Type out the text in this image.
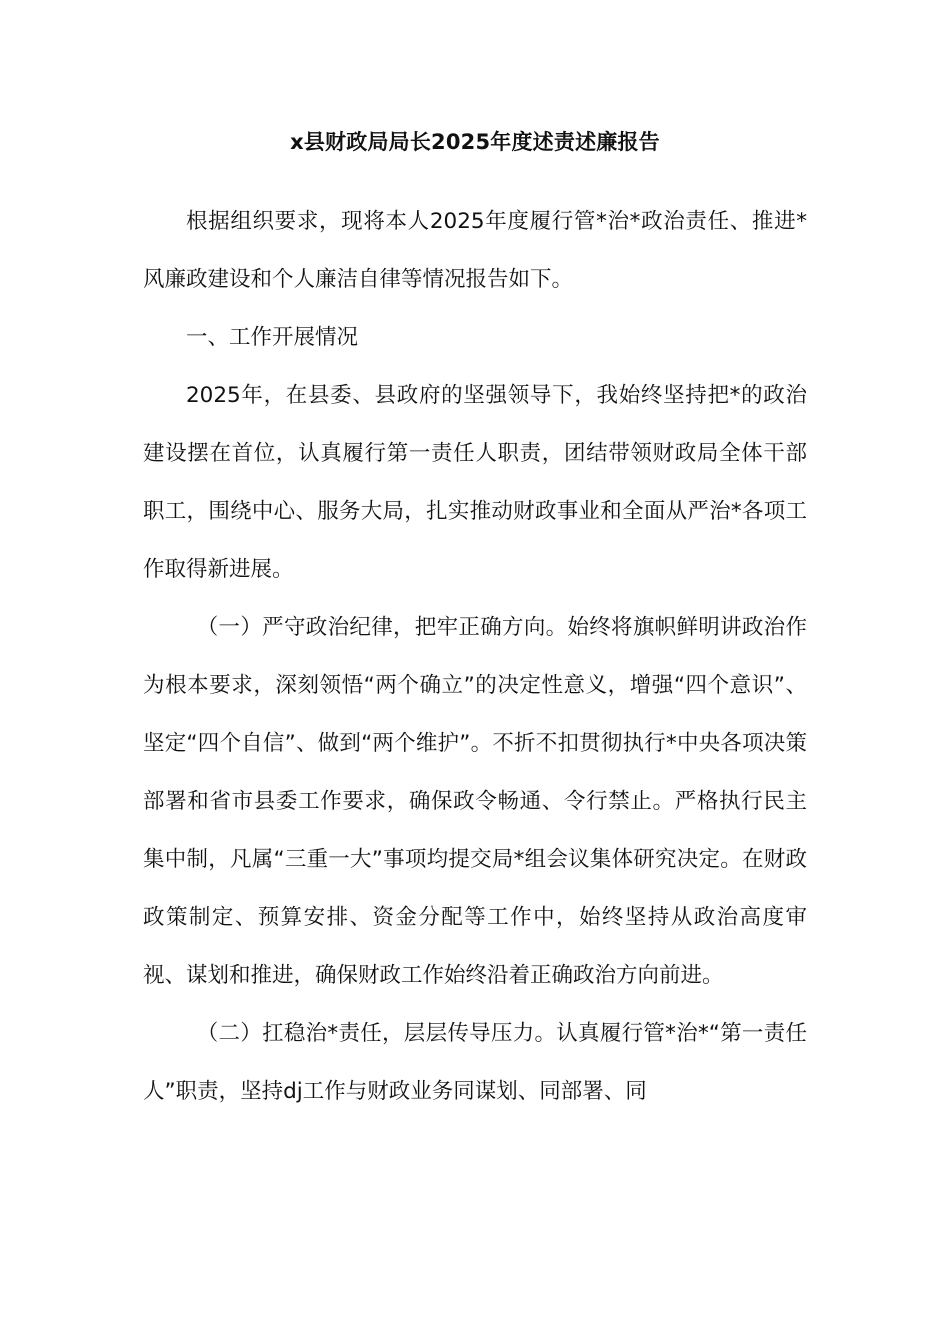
x县财政局局长2025年度述责述廉报告

根据组织要求，现将本人2025年度履行管*治*政治责任、推进*风廉政建设和个人廉洁自律等情况报告如下。

一、工作开展情况

2025年，在县委、县政府的坚强领导下，我始终坚持把*的政治建设摆在首位，认真履行第一责任人职责，团结带领财政局全体干部职工，围绕中心、服务大局，扎实推动财政事业和全面从严治*各项工作取得新进展。

（一）严守政治纪律，把牢正确方向。始终将旗帜鲜明讲政治作为根本要求，深刻领悟“两个确立”的决定性意义，增强“四个意识”、坚定“四个自信”、做到“两个维护”。不折不扣贯彻执行*中央各项决策部署和省市县委工作要求，确保政令畅通、令行禁止。严格执行民主集中制，凡属“三重一大”事项均提交局*组会议集体研究决定。在财政政策制定、预算安排、资金分配等工作中，始终坚持从政治高度审视、谋划和推进，确保财政工作始终沿着正确政治方向前进。

（二）扛稳治*责任，层层传导压力。认真履行管*治*“第一责任人”职责，坚持dj工作与财政业务同谋划、同部署、同
